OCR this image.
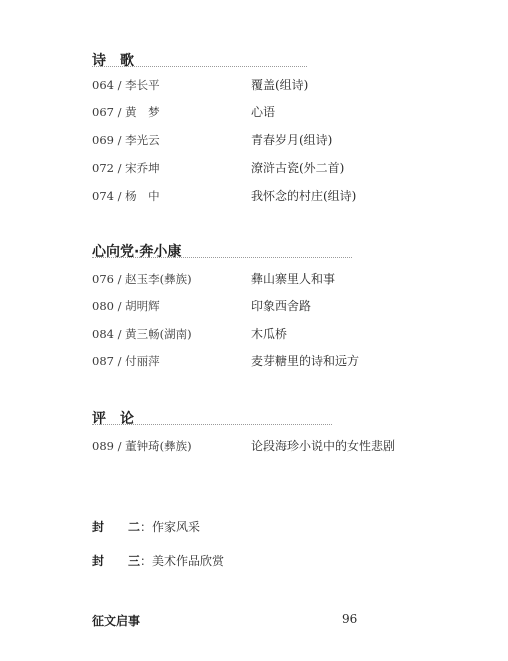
诗　歌
064 / 李长平	覆盖(组诗)
067 / 黄　梦	心语
069 / 李光云	青春岁月(组诗)
072 / 宋乔坤	潦浒古瓷(外二首)
074 / 杨　中	我怀念的村庄(组诗)
心向党·奔小康
076 / 赵玉李(彝族)	彝山寨里人和事
080 / 胡明辉	印象西舍路
084 / 黄三畅(湖南)	木瓜桥
087 / 付丽萍	麦芽糖里的诗和远方
评　论
089 / 董钟琦(彝族)	论段海珍小说中的女性悲剧
封 二：作家风采
封 三：美术作品欣赏
征文启事	96
